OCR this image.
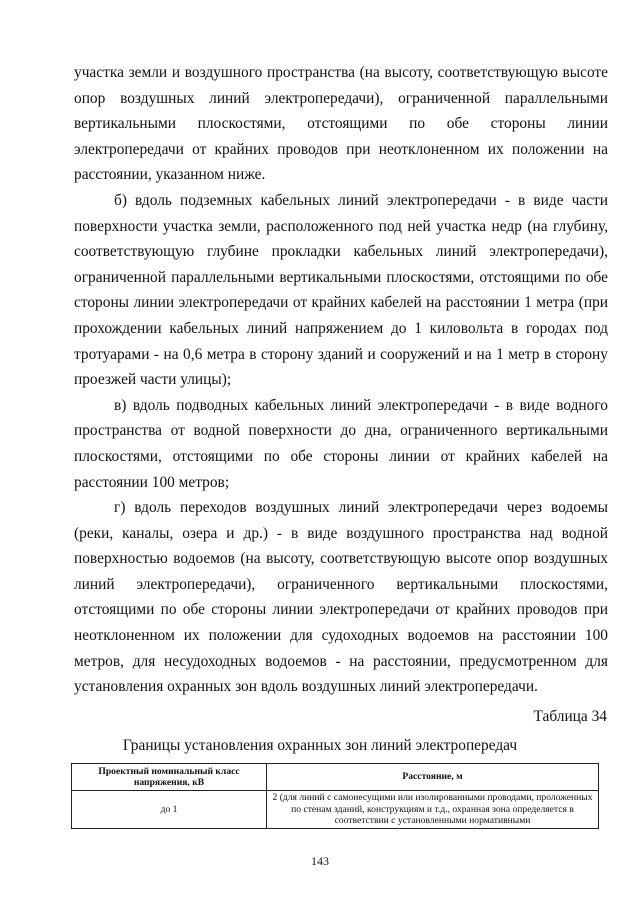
участка земли и воздушного пространства (на высоту, соответствующую высоте опор воздушных линий электропередачи), ограниченной параллельными вертикальными плоскостями, отстоящими по обе стороны линии электропередачи от крайних проводов при неотклоненном их положении на расстоянии, указанном ниже.

б) вдоль подземных кабельных линий электропередачи - в виде части поверхности участка земли, расположенного под ней участка недр (на глубину, соответствующую глубине прокладки кабельных линий электропередачи), ограниченной параллельными вертикальными плоскостями, отстоящими по обе стороны линии электропередачи от крайних кабелей на расстоянии 1 метра (при прохождении кабельных линий напряжением до 1 киловольта в городах под тротуарами - на 0,6 метра в сторону зданий и сооружений и на 1 метр в сторону проезжей части улицы);

в) вдоль подводных кабельных линий электропередачи - в виде водного пространства от водной поверхности до дна, ограниченного вертикальными плоскостями, отстоящими по обе стороны линии от крайних кабелей на расстоянии 100 метров;

г) вдоль переходов воздушных линий электропередачи через водоемы (реки, каналы, озера и др.) - в виде воздушного пространства над водной поверхностью водоемов (на высоту, соответствующую высоте опор воздушных линий электропередачи), ограниченного вертикальными плоскостями, отстоящими по обе стороны линии электропередачи от крайних проводов при неотклоненном их положении для судоходных водоемов на расстоянии 100 метров, для несудоходных водоемов - на расстоянии, предусмотренном для установления охранных зон вдоль воздушных линий электропередачи.

Таблица 34
Границы установления охранных зон линий электропередач
Проектный номинальный класс напряжения, кВ	Расстояние, м
до 1	2 (для линий с самонесущими или изолированными проводами, проложенных по стенам зданий, конструкциям и т.д., охранная зона определяется в соответствии с установленными нормативными
143
